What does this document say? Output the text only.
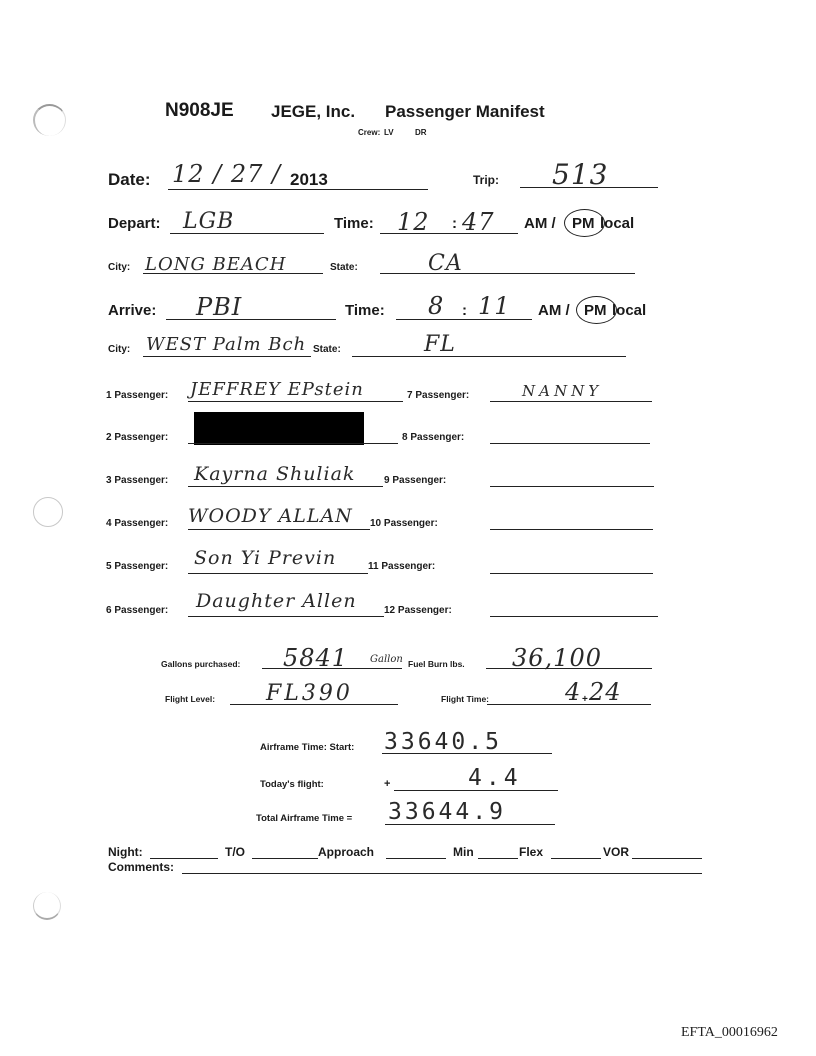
N908JE JEGE, Inc. Passenger Manifest
Crew: LV	DR
Date: 12 / 27 / 2013	Trip: 513
Depart: LGB	Time: 12 : 47 AM / PM local
City: LONG BEACH	State:	CA
Arrive: PBI	Time: 8 : 11 AM / PM local
City: WEST Palm Bch State:	FL
1 Passenger: JEFFREY EPstein
2 Passenger:
3 Passenger: Kayrna Shuliak
4 Passenger: WOODY ALLAN
5 Passenger: Son Yi Previn
6 Passenger: Daughter Allen
7 Passenger:	NANNY
8 Passenger:
9 Passenger:
10 Passenger:
11 Passenger:
12 Passenger:
Gallons purchased: 5841 Gallon Fuel Burn lbs. 36,100
Flight Level: FL390	Flight Time:	4 + 24
Airframe Time: Start: 33640.5
Today's flight:	+	4.4
Total Airframe Time = 33644.9
Night:	T/O	Approach	Min	Flex	VOR
Comments:
EFTA_00016962
